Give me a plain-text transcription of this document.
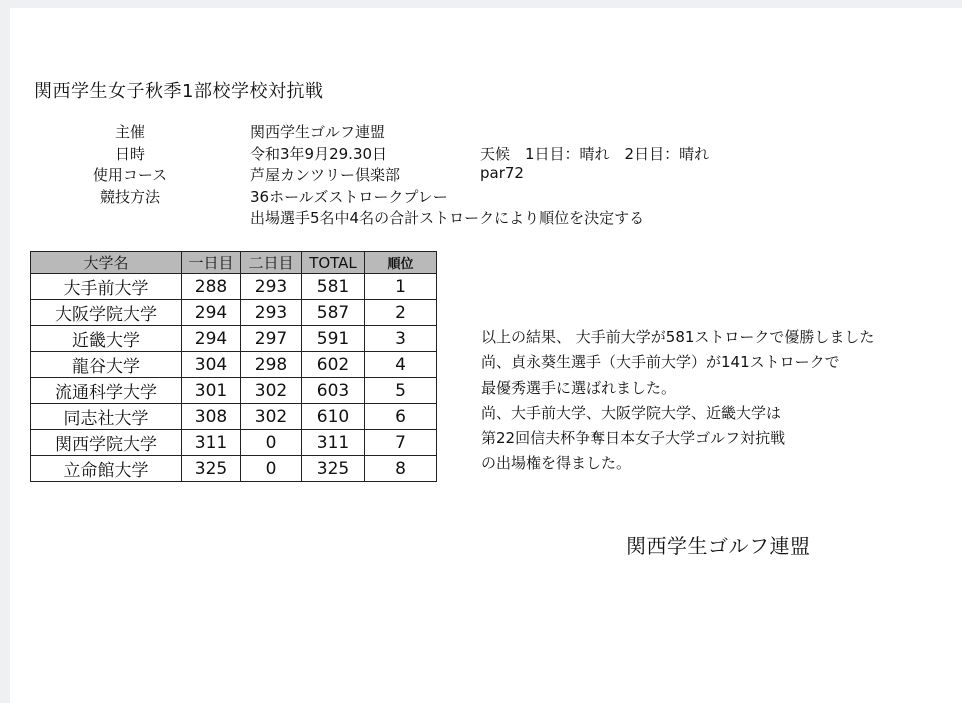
関西学生女子秋季1部校学校対抗戦
主催	関西学生ゴルフ連盟
日時	令和3年9月29.30日	天候　1日目：晴れ　2日目：晴れ
使用コース	芦屋カンツリー倶楽部	par72
競技方法	36ホールズストロークプレー
出場選手5名中4名の合計ストロークにより順位を決定する
大学名	一日目	二日目	TOTAL	順位
大手前大学	288	293	581	1
大阪学院大学	294	293	587	2
近畿大学	294	297	591	3
龍谷大学	304	298	602	4
流通科学大学	301	302	603	5
同志社大学	308	302	610	6
関西学院大学	311	0	311	7
立命館大学	325	0	325	8
以上の結果、 大手前大学が581ストロークで優勝しました
尚、貞永葵生選手（大手前大学）が141ストロークで
最優秀選手に選ばれました。
尚、大手前大学、大阪学院大学、近畿大学は
第22回信夫杯争奪日本女子大学ゴルフ対抗戦
の出場権を得ました。
関西学生ゴルフ連盟
